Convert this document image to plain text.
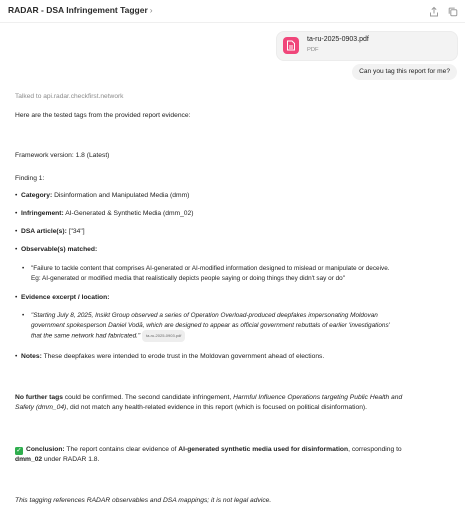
RADAR - DSA Infringement Tagger ›
ta-ru-2025-0903.pdf
PDF
Can you tag this report for me?
Talked to api.radar.checkfirst.network
Here are the tested tags from the provided report evidence:
Framework version: 1.8 (Latest)
Finding 1:
• Category: Disinformation and Manipulated Media (dmm)
• Infringement: AI-Generated & Synthetic Media (dmm_02)
• DSA article(s): ["34"]
• Observable(s) matched:
• "Failure to tackle content that comprises AI-generated or AI-modified information designed to mislead or manipulate or deceive.
Eg: AI-generated or modified media that realistically depicts people saying or doing things they didn't say or do"
• Evidence excerpt / location:
• "Starting July 8, 2025, Insikt Group observed a series of Operation Overload-produced deepfakes impersonating Moldovan
government spokesperson Daniel Vodă, which are designed to appear as official government rebuttals of earlier 'investigations'
that the same network had fabricated." ta-ru-2025-0903.pdf
• Notes: These deepfakes were intended to erode trust in the Moldovan government ahead of elections.
No further tags could be confirmed. The second candidate infringement, Harmful Influence Operations targeting Public Health and
Safety (dmm_04), did not match any health-related evidence in this report (which is focused on political disinformation).
✓ Conclusion: The report contains clear evidence of AI-generated synthetic media used for disinformation, corresponding to
dmm_02 under RADAR 1.8.
This tagging references RADAR observables and DSA mappings; it is not legal advice.
